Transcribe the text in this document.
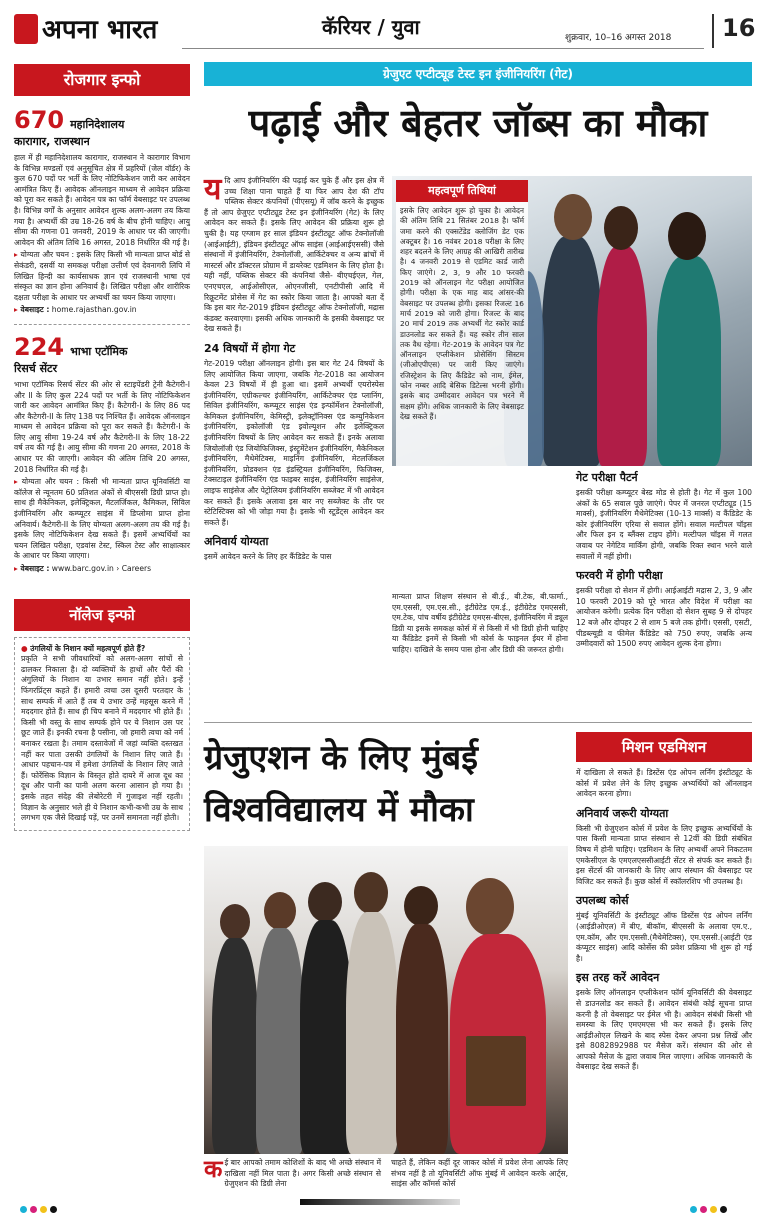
अपना भारत	कॅरियर / युवा	शुक्रवार, 10–16 अगस्त 2018 16
रोजगार इन्फो
670 महानिदेशालय
कारागार, राजस्थान
हाल में ही महानिदेशालय कारागार, राजस्थान ने कारागार विभाग के विभिन्न मण्डलों एवं अनुसूचित क्षेत्र में प्रहरियों (जेल वॉर्डर) के कुल 670 पदों पर भर्ती के लिए नोटिफिकेशन जारी कर आवेदन आमंत्रित किए हैं। आवेदक ऑनलाइन माध्यम से आवेदन प्रक्रिया को पूरा कर सकते हैं। आवेदन पत्र का फॉर्म वेबसाइट पर उपलब्ध है। विभिन्न वर्गों के अनुसार आवेदन शुल्क अलग-अलग तय किया गया है। अभ्यर्थी की उम्र 18-26 वर्ष के बीच होनी चाहिए। आयु सीमा की गणना 01 जनवरी, 2019 के आधार पर की जाएगी। आवेदन की अंतिम तिथि 16 अगस्त, 2018 निर्धारित की गई है।
▸ योग्यता और चयन : इसके लिए किसी भी मान्यता प्राप्त बोर्ड से सेकंडरी, दसवीं या समकक्ष परीक्षा उत्तीर्ण एवं देवनागरी लिपि में लिखित हिन्दी का कार्यसाधक ज्ञान एवं राजस्थानी भाषा एवं संस्कृत का ज्ञान होना अनिवार्य है। लिखित परीक्षा और शारीरिक दक्षता परीक्षा के आधार पर अभ्यर्थी का चयन किया जाएगा।
▸ वेबसाइट : home.rajasthan.gov.in
224 भाभा एटॉमिक
रिसर्च सेंटर
भाभा एटॉमिक रिसर्च सेंटर की ओर से स्टाइपेंडरी ट्रेनी कैटेगरी-I और II के लिए कुल 224 पदों पर भर्ती के लिए नोटिफिकेशन जारी कर आवेदन आमंत्रित किए हैं। कैटेगरी-I के लिए 86 पद और कैटेगरी-II के लिए 138 पद निश्चित हैं। आवेदक ऑनलाइन माध्यम से आवेदन प्रक्रिया को पूरा कर सकते हैं। कैटेगरी-I के लिए आयु सीमा 19-24 वर्ष और कैटेगरी-II के लिए 18-22 वर्ष तय की गई है। आयु सीमा की गणना 20 अगस्त, 2018 के आधार पर की जाएगी। आवेदन की अंतिम तिथि 20 अगस्त, 2018 निर्धारित की गई है।
▸ योग्यता और चयन : किसी भी मान्यता प्राप्त यूनिवर्सिटी या कॉलेज से न्यूनतम 60 प्रतिशत अंकों से बीएससी डिग्री प्राप्त हो। साथ ही मैकेनिकल, इलेक्ट्रिकल, मैटलर्जिकल, कैमिकल, सिविल इंजीनियरिंग और कम्प्यूटर साइंस में डिप्लोमा प्राप्त होना अनिवार्य। कैटेगरी-II के लिए योग्यता अलग-अलग तय की गई है। इसके लिए नोटिफिकेशन देख सकते हैं। इसमें अभ्यर्थियों का चयन लिखित परीक्षा, एडवांस टेस्ट, स्किल टेस्ट और साक्षात्कार के आधार पर किया जाएगा।
▸ वेबसाइट : www.barc.gov.in › Careers
नॉलेज इन्फो
● उंगलियों के निशान क्यों महत्वपूर्ण होते हैं?
प्रकृति ने सभी जीवधारियों को अलग-अलग सांचों से ढालकर निकाला है। दो व्यक्तियों के हाथों और पैरों की अंगुलियों के निशान या उभार समान नहीं होते। इन्हें फिंगरप्रिंट्स कहते हैं। हमारी त्वचा उस दूसरी परतदार के साथ सम्पर्क में आते हैं तब ये उभार उन्हें महसूस करने में मददगार होते हैं। साथ ही चिप बनाने में मददगार भी होते हैं। किसी भी वस्तु के साथ सम्पर्क होने पर ये निशान उस पर छूट जाते हैं। इनकी रचना है पसीना, जो हमारी त्वचा को नर्म बनाकर रखता है। तमाम दस्तावेजों में जहां व्यक्ति दस्तखत नहीं कर पाता उसकी उंगलियों के निशान लिए जाते हैं। आधार पहचान-पत्र में हमेशा उंगलियों के निशान लिए जाते हैं। फोरेंसिक विज्ञान के विस्तृत होते दायरे में आज दूध का दूध और पानी का पानी अलग करना आसान हो गया है। इसके तहत संदेह की लेबोरेटरी में गुजाइश नहीं रहती। विज्ञान के अनुसार भले ही ये निशान कभी-कभी उम्र के साथ लगभग एक जैसे दिखाई पड़ें, पर उनमें समानता नहीं होती।
ग्रेजुएट एप्टीट्यूड टेस्ट इन इंजीनियरिंग (गेट)
पढ़ाई और बेहतर जॉब्स का मौका
यदि आप इंजीनियरिंग की पढ़ाई कर चुके हैं और इस क्षेत्र में उच्च शिक्षा पाना चाहते हैं या फिर आप देश की टॉप पब्लिक सेक्टर कंपनियों (पीएसयू) में जॉब करने के इच्छुक हैं तो आप ग्रेजुएट एप्टीट्यूड टेस्ट इन इंजीनियरिंग (गेट) के लिए आवेदन कर सकते हैं। इसके लिए आवेदन की प्रक्रिया शुरू हो चुकी है। यह एग्जाम हर साल इंडियन इंस्टीट्यूट ऑफ टेक्नोलॉजी (आईआईटी), इंडियन इंस्टीट्यूट ऑफ साइंस (आईआईएससी) जैसे संस्थानों में इंजीनियरिंग, टेक्नोलॉजी, आर्किटेक्चर व अन्य ब्रांचों में मास्टर्स और डॉक्टरल प्रोग्राम में डायरेक्ट एडमिशन के लिए होता है। यही नहीं, पब्लिक सेक्टर की कंपनियां जैसे- बीएचईएल, गेल, एनएचएल, आईओसीएल, ओएनजीसी, एनटीपीसी आदि में रिक्रूटमेंट प्रोसेस में गेट का स्कोर किया जाता है। आपको बता दें कि इस बार गेट-2019 इंडियन इंस्टीट्यूट ऑफ टेक्नोलॉजी, मद्रास कंडक्ट करवाएगा। इसकी अधिक जानकारी के इसकी वेबसाइट पर देख सकते हैं।
24 विषयों में होगा गेट
गेट-2019 परीक्षा ऑनलाइन होगी। इस बार गेट 24 विषयों के लिए आयोजित किया जाएगा, जबकि गेट-2018 का आयोजन केवल 23 विषयों में ही हुआ था। इसमें अभ्यर्थी एयरोस्पेस इंजीनियरिंग, एग्रीकल्चर इंजीनियरिंग, आर्किटेक्चर एंड प्लानिंग, सिविल इंजीनियरिंग, कम्प्यूटर साइंस एंड इन्फॉर्मेशन टेक्नोलॉजी, केमिकल इंजीनियरिंग, केमिस्ट्री, इलेक्ट्रॉनिक्स एंड कम्युनिकेशन इंजीनियरिंग, इकोलॉजी एंड इवोल्यूशन और इलेक्ट्रिकल इंजीनियरिंग विषयों के लिए आवेदन कर सकते हैं। इनके अलावा जियोलॉजी एंड जियोफिजिक्स, इंस्ट्रूमेंटेशन इंजीनियरिंग, मैकेनिकल इंजीनियरिंग, मैथेमेटिक्स, माइनिंग इंजीनियरिंग, मेटलर्जिकल इंजीनियरिंग, प्रोडक्शन एंड इंडस्ट्रियल इंजीनियरिंग, फिजिक्स, टेक्सटाइल इंजीनियरिंग एंड फाइबर साइंस, इंजीनियरिंग साइंसेज, लाइफ साइंसेज और पेट्रोलियम इंजीनियरिंग सब्जेक्ट में भी आवेदन कर सकते हैं। इसके अलावा इस बार नए सब्जेक्ट के तौर पर स्टेटिस्टिक्स को भी जोड़ा गया है। इसके भी स्टूडेंट्स आवेदन कर सकते हैं।
अनिवार्य योग्यता
इसमें आवेदन करने के लिए हर कैंडिडेट के पास
महत्वपूर्ण तिथियां
इसके लिए आवेदन शुरू हो चुका है। आवेदन की अंतिम तिथि 21 सितंबर 2018 है। फॉर्म जमा करने की एक्सटेंडेड क्लोजिंग डेट एक अक्टूबर है। 16 नवंबर 2018 परीक्षा के लिए शहर बदलने के लिए आग्रह की आखिरी तारीख है। 4 जनवरी 2019 से एडमिट कार्ड जारी किए जाएंगे। 2, 3, 9 और 10 फरवरी 2019 को ऑनलाइन गेट परीक्षा आयोजित होगी। परीक्षा के एक माह बाद आंसर-की वेबसाइट पर उपलब्ध होगी। इसका रिजल्ट 16 मार्च 2019 को जारी होगा। रिजल्ट के बाद 20 मार्च 2019 तक अभ्यर्थी गेट स्कोर कार्ड डाउनलोड कर सकते हैं। यह स्कोर तीन साल तक वैध रहेगा। गेट-2019 के आवेदन पत्र गेट ऑनलाइन एप्लीकेशन प्रोसेसिंग सिस्टम (जीओएपीएस) पर जारी किए जाएंगे। रजिस्ट्रेशन के लिए कैंडिडेट को नाम, ईमेल, फोन नम्बर आदि बेसिक डिटेल्स भरनी होंगी। इसके बाद उम्मीदवार आवेदन पत्र भरने में सक्षम होंगे। अधिक जानकारी के लिए वेबसाइट देख सकते हैं।
मान्यता प्राप्त शिक्षण संस्थान से बी.ई., बी.टेक, बी.फार्मा., एम.एससी, एम.एस.सी., इंटीग्रेटेड एम.ई., इंटीग्रेटेड एमएससी, एम.टेक, पांच वर्षीय इंटीग्रेटेड एमएस-बीएस, इंजीनियरिंग में ड्यूल डिग्री या इसके समकक्ष कोर्स में से किसी में भी डिग्री होनी चाहिए या कैंडिडेट इनमें से किसी भी कोर्स के फाइनल ईयर में होना चाहिए। दाखिले के समय पास होना और डिग्री की जरूरत होगी।
गेट परीक्षा पैटर्न
इसकी परीक्षा कम्प्यूटर बेस्ड मोड से होती है। गेट में कुल 100 अंकों के 65 सवाल पूछे जाएंगे। पेपर में जनरल एप्टीट्यूड (15 मार्क्स), इंजीनियरिंग मैथेमेटिक्स (10-13 मार्क्स) व कैंडिडेट के कोर इंजीनियरिंग एरिया से सवाल होंगे। सवाल मल्टीपल चॉइस और फिल इन द ब्लैंक्स टाइप होंगे। मल्टीपल चॉइस में गलत जवाब पर नेगेटिव मार्किंग होगी, जबकि रिक्त स्थान भरने वाले सवालों में नहीं होगी।
फरवरी में होगी परीक्षा
इसकी परीक्षा दो सेशन में होगी। आईआईटी मद्रास 2, 3, 9 और 10 फरवरी 2019 को पूरे भारत और विदेश में परीक्षा का आयोजन करेगी। प्रत्येक दिन परीक्षा दो सेशन सुबह 9 से दोपहर 12 बजे और दोपहर 2 से शाम 5 बजे तक होगी। एससी, एसटी, पीडब्ल्यूडी व फीमेल कैंडिडेट को 750 रुपए, जबकि अन्य उम्मीदवारों को 1500 रुपए आवेदन शुल्क देना होगा।
ग्रेजुएशन के लिए मुंबई
विश्वविद्यालय में मौका
कई बार आपको तमाम कोशिशों के बाद भी अच्छे संस्थान में दाखिला नहीं मिल पाता है। अगर किसी अच्छे संस्थान से ग्रेजुएशन की डिग्री लेना
चाहते हैं, लेकिन कहीं दूर जाकर कोर्स में प्रवेश लेना आपके लिए संभव नहीं है तो यूनिवर्सिटी ऑफ मुंबई में आवेदन करके आर्ट्स, साइंस और कॉमर्स कोर्स
मिशन एडमिशन
में दाखिला ले सकते हैं। डिस्टेंस एंड ओपन लर्निंग इंस्टीट्यूट के कोर्स में प्रवेश लेने के लिए इच्छुक अभ्यर्थियों को ऑनलाइन आवेदन करना होगा।
अनिवार्य जरूरी योग्यता
किसी भी ग्रेजुएशन कोर्स में प्रवेश के लिए इच्छुक अभ्यर्थियों के पास किसी मान्यता प्राप्त संस्थान से 12वीं की डिग्री संबंधित विषय में होनी चाहिए। एडमिशन के लिए अभ्यर्थी अपने निकटतम एमकेसीएल के एमएलएससीआईटी सेंटर से संपर्क कर सकते हैं। इस सेंटर्स की जानकारी के लिए आप संस्थान की वेबसाइट पर विजिट कर सकते हैं। कुछ कोर्स में स्कॉलरशिप भी उपलब्ध है।
उपलब्ध कोर्स
मुंबई यूनिवर्सिटी के इंस्टीट्यूट ऑफ डिस्टेंस एंड ओपन लर्निंग (आईडीओएल) में बीए, बीकॉम, बीएससी के अलावा एम.ए., एम.कॉम, और एम.एससी.(मैथेमेटिक्स), एम.एससी.(आईटी एंड कंप्यूटर साइंस) आदि कोर्सेस की प्रवेश प्रक्रिया भी शुरू हो गई है।
इस तरह करें आवेदन
इसके लिए ऑनलाइन एप्लीकेशन फॉर्म यूनिवर्सिटी की वेबसाइट से डाउनलोड कर सकते हैं। आवेदन संबंधी कोई सूचना प्राप्त करनी है तो वेबसाइट पर ईमेल भी है। आवेदन संबंधी किसी भी समस्या के लिए एमएमएस भी कर सकते हैं। इसके लिए आईडीओएल लिखने के बाद स्पेस देकर अपना प्रश्न लिखें और इसे 8082892988 पर मैसेज करें। संस्थान की ओर से आपको मैसेज के द्वारा जवाब मिल जाएगा। अधिक जानकारी के वेबसाइट देख सकते हैं।
